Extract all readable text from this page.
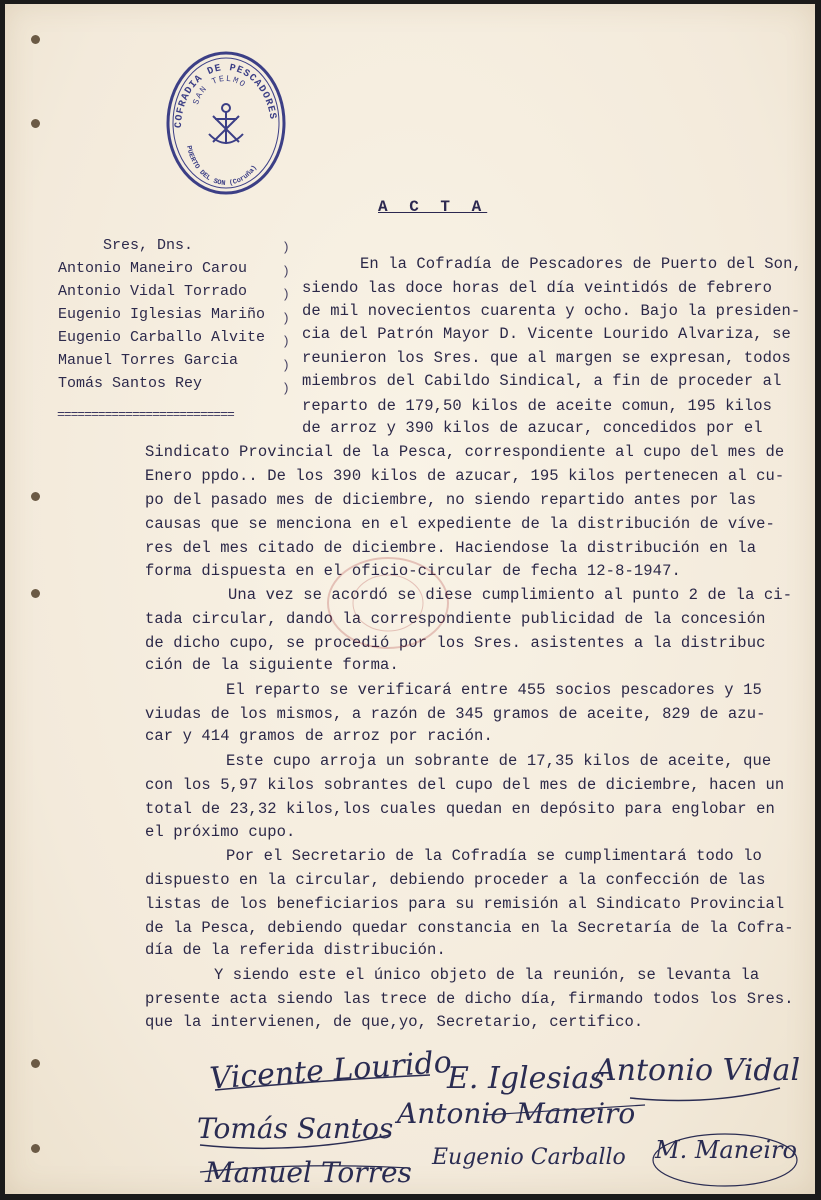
COFRADIA DE PESCADORES
SAN TELMO
PUERTO DEL SON (Coruña)
A C T A
Sres, Dns.
Antonio Maneiro Carou
Antonio Vidal Torrado
Eugenio Iglesias Mariño
Eugenio Carballo Alvite
Manuel Torres Garcia
Tomás Santos Rey
)
)
)
)
)
)
)
==========================
En la Cofradía de Pescadores de Puerto del Son,
siendo las doce horas del día veintidós de febrero
de mil novecientos cuarenta y ocho. Bajo la presiden-
cia del Patrón Mayor D. Vicente Lourido Alvariza, se
reunieron los Sres. que al margen se expresan, todos
miembros del Cabildo Sindical, a fin de proceder al
reparto de 179,50 kilos de aceite comun, 195 kilos
de arroz y 390 kilos de azucar, concedidos por el
Sindicato Provincial de la Pesca, correspondiente al cupo del mes de
Enero ppdo.. De los 390 kilos de azucar, 195 kilos pertenecen al cu-
po del pasado mes de diciembre, no siendo repartido antes por las
causas que se menciona en el expediente de la distribución de víve-
res del mes citado de diciembre. Haciendose la distribución en la
forma dispuesta en el oficio-circular de fecha 12-8-1947.
Una vez se acordó se diese cumplimiento al punto 2 de la ci-
tada circular, dando la correspondiente publicidad de la concesión
de dicho cupo, se procedió por los Sres. asistentes a la distribuc
ción de la siguiente forma.
El reparto se verificará entre 455 socios pescadores y 15
viudas de los mismos, a razón de 345 gramos de aceite, 829 de azu-
car y 414 gramos de arroz por ración.
Este cupo arroja un sobrante de 17,35 kilos de aceite, que
con los 5,97 kilos sobrantes del cupo del mes de diciembre, hacen un
total de 23,32 kilos,los cuales quedan en depósito para englobar en
el próximo cupo.
Por el Secretario de la Cofradía se cumplimentará todo lo
dispuesto en la circular, debiendo proceder a la confección de las
listas de los beneficiarios para su remisión al Sindicato Provincial
de la Pesca, debiendo quedar constancia en la Secretaría de la Cofra-
día de la referida distribución.
Y siendo este el único objeto de la reunión, se levanta la
presente acta siendo las trece de dicho día, firmando todos los Sres.
que la intervienen, de que,yo, Secretario, certifico.
Vicente Lourido
E. Iglesias
Antonio Vidal
Tomás Santos Antonio Maneiro
Eugenio Carballo M. Maneiro
Manuel Torres
